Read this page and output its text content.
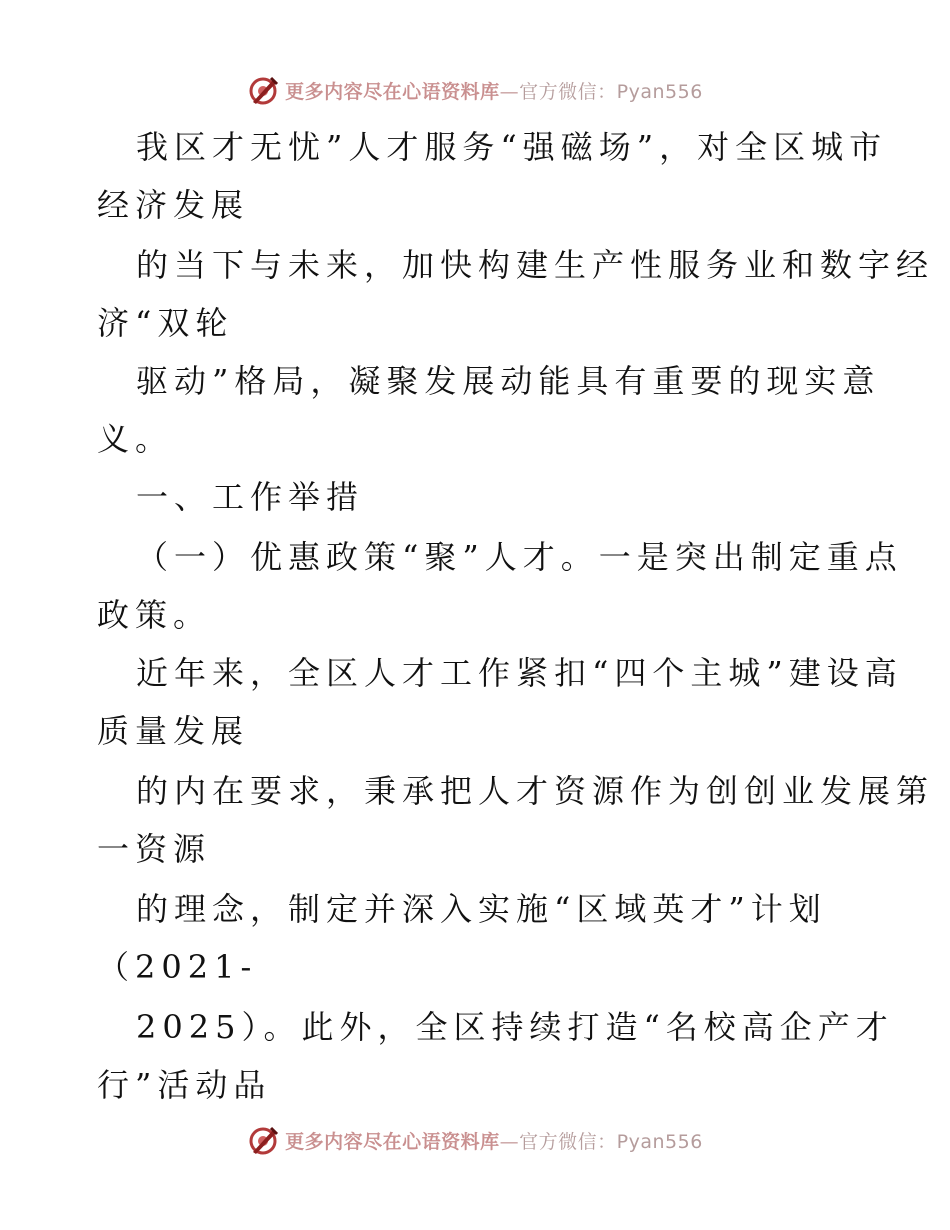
更多内容尽在心语资料库—官方微信：Pyan556
我区才无忧”人才服务“强磁场”，对全区城市
经济发展
的当下与未来，加快构建生产性服务业和数字经
济“双轮
驱动”格局，凝聚发展动能具有重要的现实意
义。
一、工作举措
（一）优惠政策“聚”人才。一是突出制定重点
政策。
近年来，全区人才工作紧扣“四个主城”建设高
质量发展
的内在要求，秉承把人才资源作为创创业发展第
一资源
的理念，制定并深入实施“区域英才”计划
（2021-
2025）。此外，全区持续打造“名校高企产才
行”活动品
更多内容尽在心语资料库—官方微信：Pyan556
